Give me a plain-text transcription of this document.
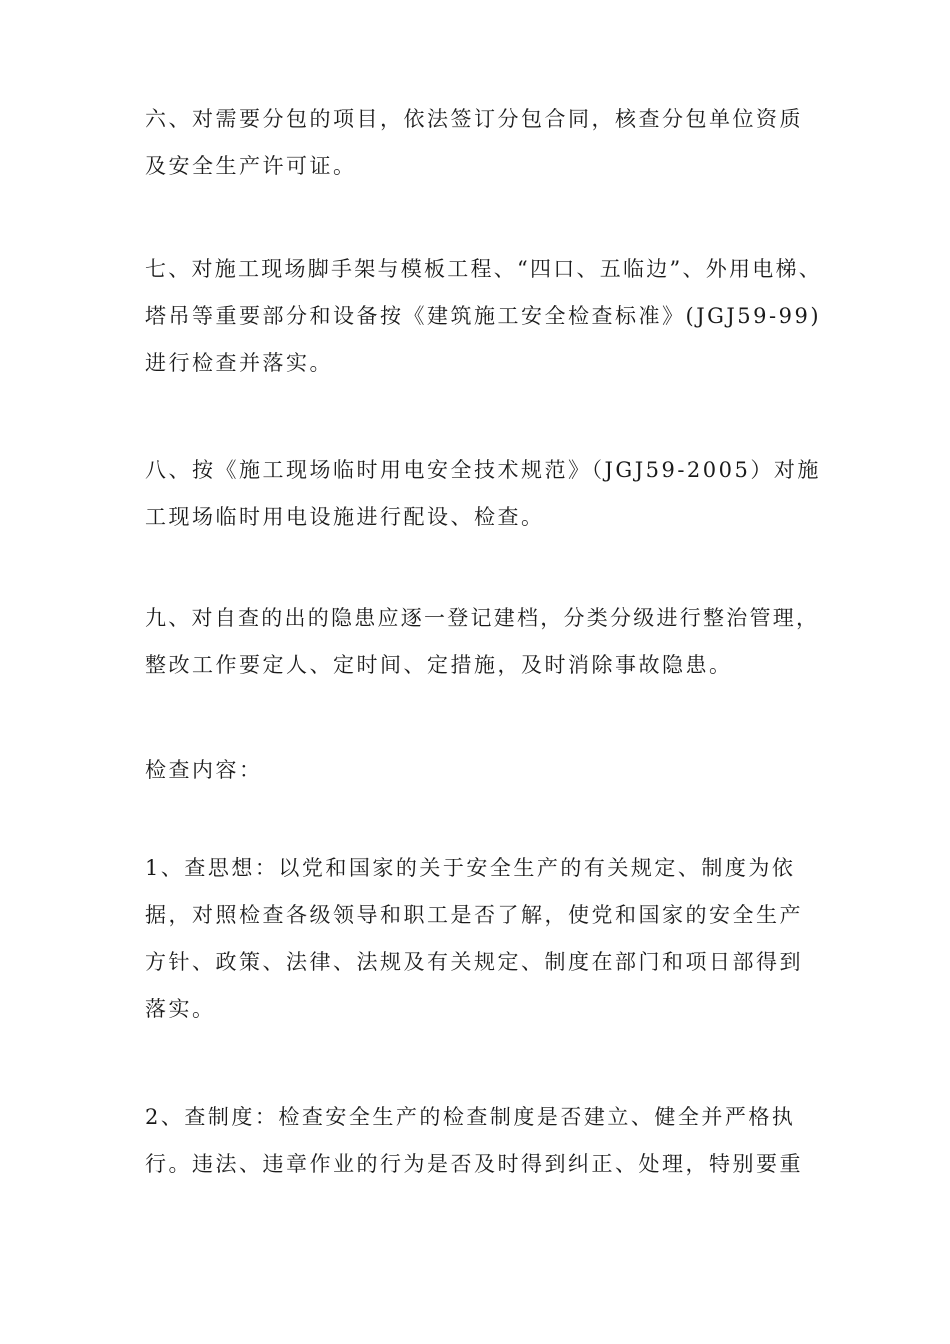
六、对需要分包的项目，依法签订分包合同，核查分包单位资质
及安全生产许可证。
七、对施工现场脚手架与模板工程、“四口、五临边”、外用电梯、
塔吊等重要部分和设备按《建筑施工安全检查标准》(JGJ59-99)
进行检查并落实。
八、按《施工现场临时用电安全技术规范》（JGJ59-2005）对施
工现场临时用电设施进行配设、检查。
九、对自查的出的隐患应逐一登记建档，分类分级进行整治管理，
整改工作要定人、定时间、定措施，及时消除事故隐患。
检查内容：
1、查思想：以党和国家的关于安全生产的有关规定、制度为依
据，对照检查各级领导和职工是否了解，使党和国家的安全生产
方针、政策、法律、法规及有关规定、制度在部门和项日部得到
落实。
2、查制度：检查安全生产的检查制度是否建立、健全并严格执
行。违法、违章作业的行为是否及时得到纠正、处理，特别要重
